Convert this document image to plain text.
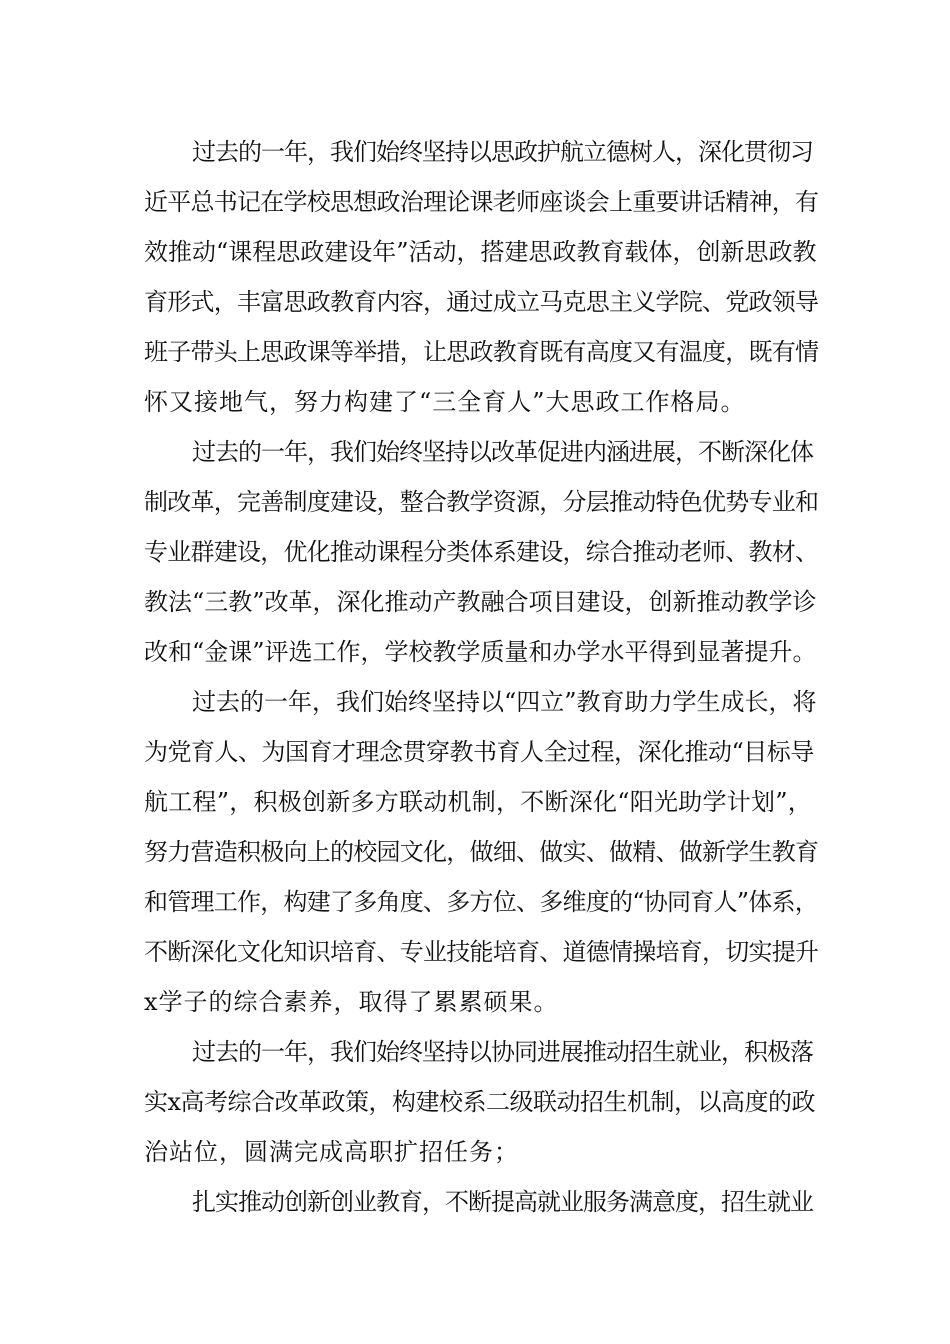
过去的一年，我们始终坚持以思政护航立德树人，深化贯彻习
近平总书记在学校思想政治理论课老师座谈会上重要讲话精神，有
效推动“课程思政建设年”活动，搭建思政教育载体，创新思政教
育形式，丰富思政教育内容，通过成立马克思主义学院、党政领导
班子带头上思政课等举措，让思政教育既有高度又有温度，既有情
怀又接地气，努力构建了“三全育人”大思政工作格局。
过去的一年，我们始终坚持以改革促进内涵进展，不断深化体
制改革，完善制度建设，整合教学资源，分层推动特色优势专业和
专业群建设，优化推动课程分类体系建设，综合推动老师、教材、
教法“三教”改革，深化推动产教融合项目建设，创新推动教学诊
改和“金课”评选工作，学校教学质量和办学水平得到显著提升。
过去的一年，我们始终坚持以“四立”教育助力学生成长，将
为党育人、为国育才理念贯穿教书育人全过程，深化推动“目标导
航工程”，积极创新多方联动机制，不断深化“阳光助学计划”，
努力营造积极向上的校园文化，做细、做实、做精、做新学生教育
和管理工作，构建了多角度、多方位、多维度的“协同育人”体系，
不断深化文化知识培育、专业技能培育、道德情操培育，切实提升
x学子的综合素养，取得了累累硕果。
过去的一年，我们始终坚持以协同进展推动招生就业，积极落
实x高考综合改革政策，构建校系二级联动招生机制，以高度的政
治站位，圆满完成高职扩招任务；
扎实推动创新创业教育，不断提高就业服务满意度，招生就业
